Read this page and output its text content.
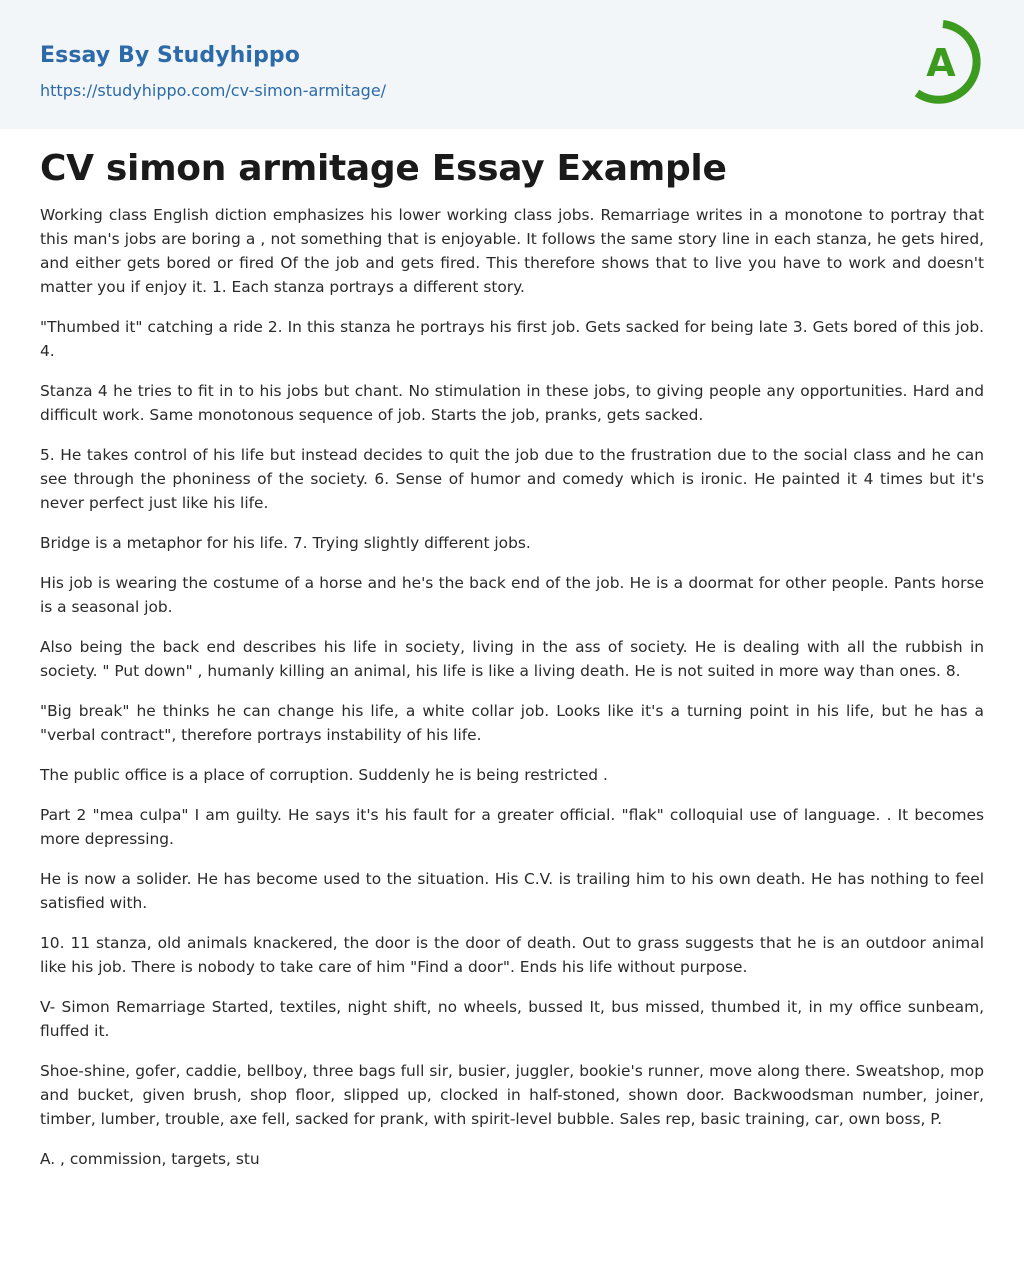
Essay By Studyhippo
https://studyhippo.com/cv-simon-armitage/
A
CV simon armitage Essay Example

Working class English diction emphasizes his lower working class jobs. Remarriage writes in a monotone to portray that this man's jobs are boring a , not something that is enjoyable. It follows the same story line in each stanza, he gets hired, and either gets bored or fired Of the job and gets fired. This therefore shows that to live you have to work and doesn't matter you if enjoy it. 1. Each stanza portrays a different story.

"Thumbed it" catching a ride 2. In this stanza he portrays his first job. Gets sacked for being late 3. Gets bored of this job. 4.

Stanza 4 he tries to fit in to his jobs but chant. No stimulation in these jobs, to giving people any opportunities. Hard and difficult work. Same monotonous sequence of job. Starts the job, pranks, gets sacked.

5. He takes control of his life but instead decides to quit the job due to the frustration due to the social class and he can see through the phoniness of the society. 6. Sense of humor and comedy which is ironic. He painted it 4 times but it's never perfect just like his life.

Bridge is a metaphor for his life. 7. Trying slightly different jobs.

His job is wearing the costume of a horse and he's the back end of the job. He is a doormat for other people. Pants horse is a seasonal job.

Also being the back end describes his life in society, living in the ass of society. He is dealing with all the rubbish in society. " Put down" , humanly killing an animal, his life is like a living death. He is not suited in more way than ones. 8.

"Big break" he thinks he can change his life, a white collar job. Looks like it's a turning point in his life, but he has a "verbal contract", therefore portrays instability of his life.

The public office is a place of corruption. Suddenly he is being restricted .

Part 2 "mea culpa" I am guilty. He says it's his fault for a greater official. "flak" colloquial use of language. . It becomes more depressing.

He is now a solider. He has become used to the situation. His C.V. is trailing him to his own death. He has nothing to feel satisfied with.

10. 11 stanza, old animals knackered, the door is the door of death. Out to grass suggests that he is an outdoor animal like his job. There is nobody to take care of him "Find a door". Ends his life without purpose.

V- Simon Remarriage Started, textiles, night shift, no wheels, bussed It, bus missed, thumbed it, in my office sunbeam, fluffed it.

Shoe-shine, gofer, caddie, bellboy, three bags full sir, busier, juggler, bookie's runner, move along there. Sweatshop, mop and bucket, given brush, shop floor, slipped up, clocked in half-stoned, shown door. Backwoodsman number, joiner, timber, lumber, trouble, axe fell, sacked for prank, with spirit-level bubble. Sales rep, basic training, car, own boss, P.

A. , commission, targets, stu
